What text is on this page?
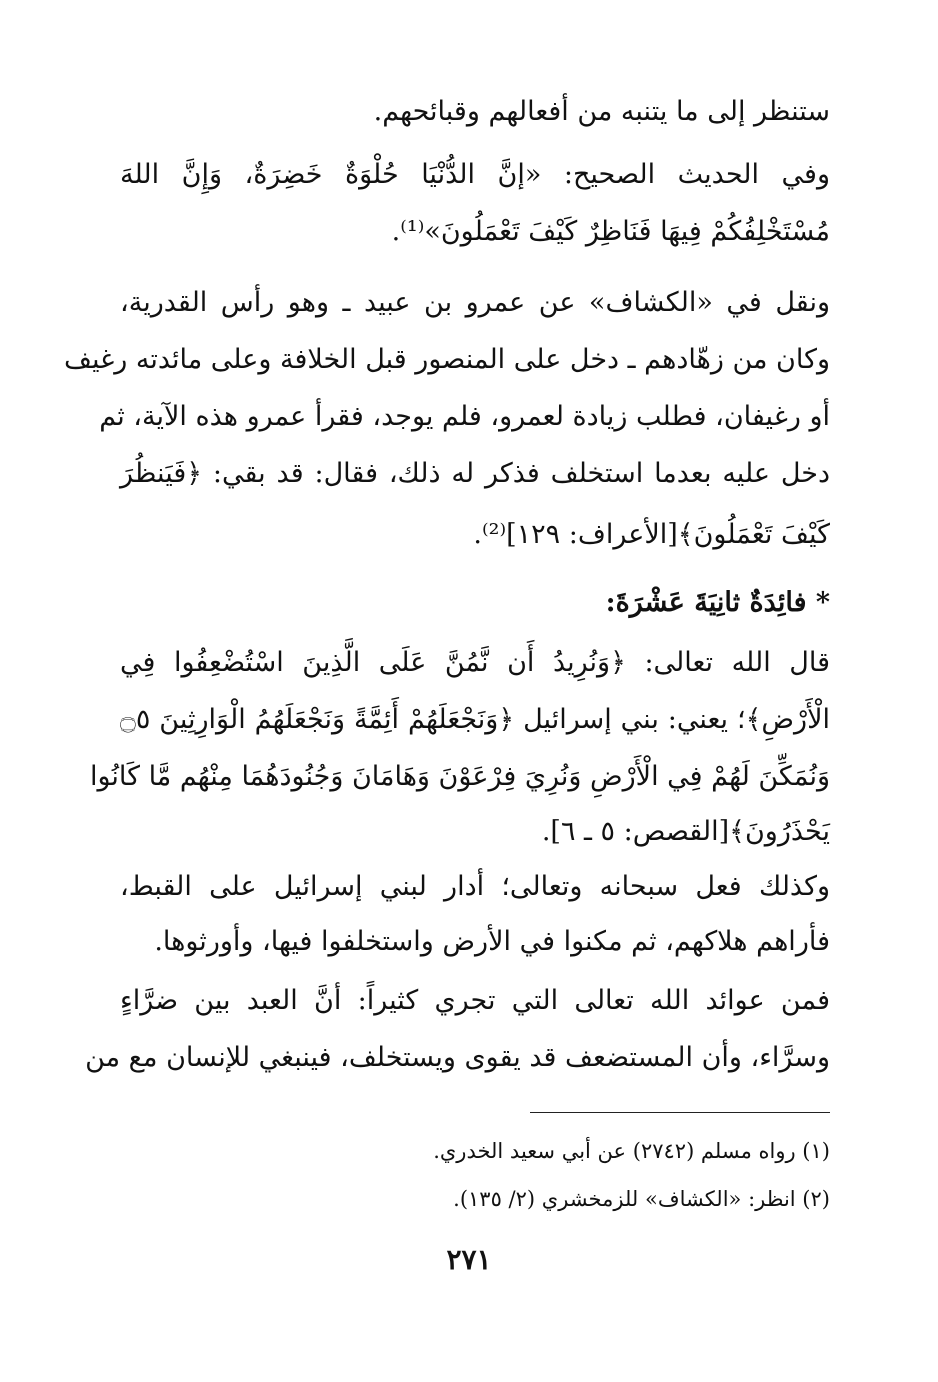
ستنظر إلى ما يتنبه من أفعالهم وقبائحهم.
وفي الحديث الصحيح: «إنَّ الدُّنْيَا حُلْوَةٌ خَضِرَةٌ، وَإِنَّ اللهَ
مُسْتَخْلِفُكُمْ فِيهَا فَنَاظِرٌ كَيْفَ تَعْمَلُونَ»⁽¹⁾.
ونقل في «الكشاف» عن عمرو بن عبيد ـ وهو رأس القدرية،
وكان من زهّادهم ـ دخل على المنصور قبل الخلافة وعلى مائدته رغيف
أو رغيفان، فطلب زيادة لعمرو، فلم يوجد، فقرأ عمرو هذه الآية، ثم
دخل عليه بعدما استخلف فذكر له ذلك، فقال: قد بقي: ﴿فَيَنظُرَ
كَيْفَ تَعْمَلُونَ﴾[الأعراف: ١٢٩]⁽²⁾.
* فائِدَةٌ ثانِيَةَ عَشْرَةَ:
قال الله تعالى: ﴿وَنُرِيدُ أَن نَّمُنَّ عَلَى الَّذِينَ اسْتُضْعِفُوا فِي
الْأَرْضِ﴾؛ يعني: بني إسرائيل ﴿وَنَجْعَلَهُمْ أَئِمَّةً وَنَجْعَلَهُمُ الْوَارِثِينَ ۝٥
وَنُمَكِّنَ لَهُمْ فِي الْأَرْضِ وَنُرِيَ فِرْعَوْنَ وَهَامَانَ وَجُنُودَهُمَا مِنْهُم مَّا كَانُوا
يَحْذَرُونَ﴾[القصص: ٥ ـ ٦].
وكذلك فعل سبحانه وتعالى؛ أدار لبني إسرائيل على القبط،
فأراهم هلاكهم، ثم مكنوا في الأرض واستخلفوا فيها، وأورثوها.
فمن عوائد الله تعالى التي تجري كثيراً: أنَّ العبد بين ضرَّاءٍ
وسرَّاء، وأن المستضعف قد يقوى ويستخلف، فينبغي للإنسان مع من
(١) رواه مسلم (٢٧٤٢) عن أبي سعيد الخدري.
(٢) انظر: «الكشاف» للزمخشري (٢/ ١٣٥).
٢٧١
